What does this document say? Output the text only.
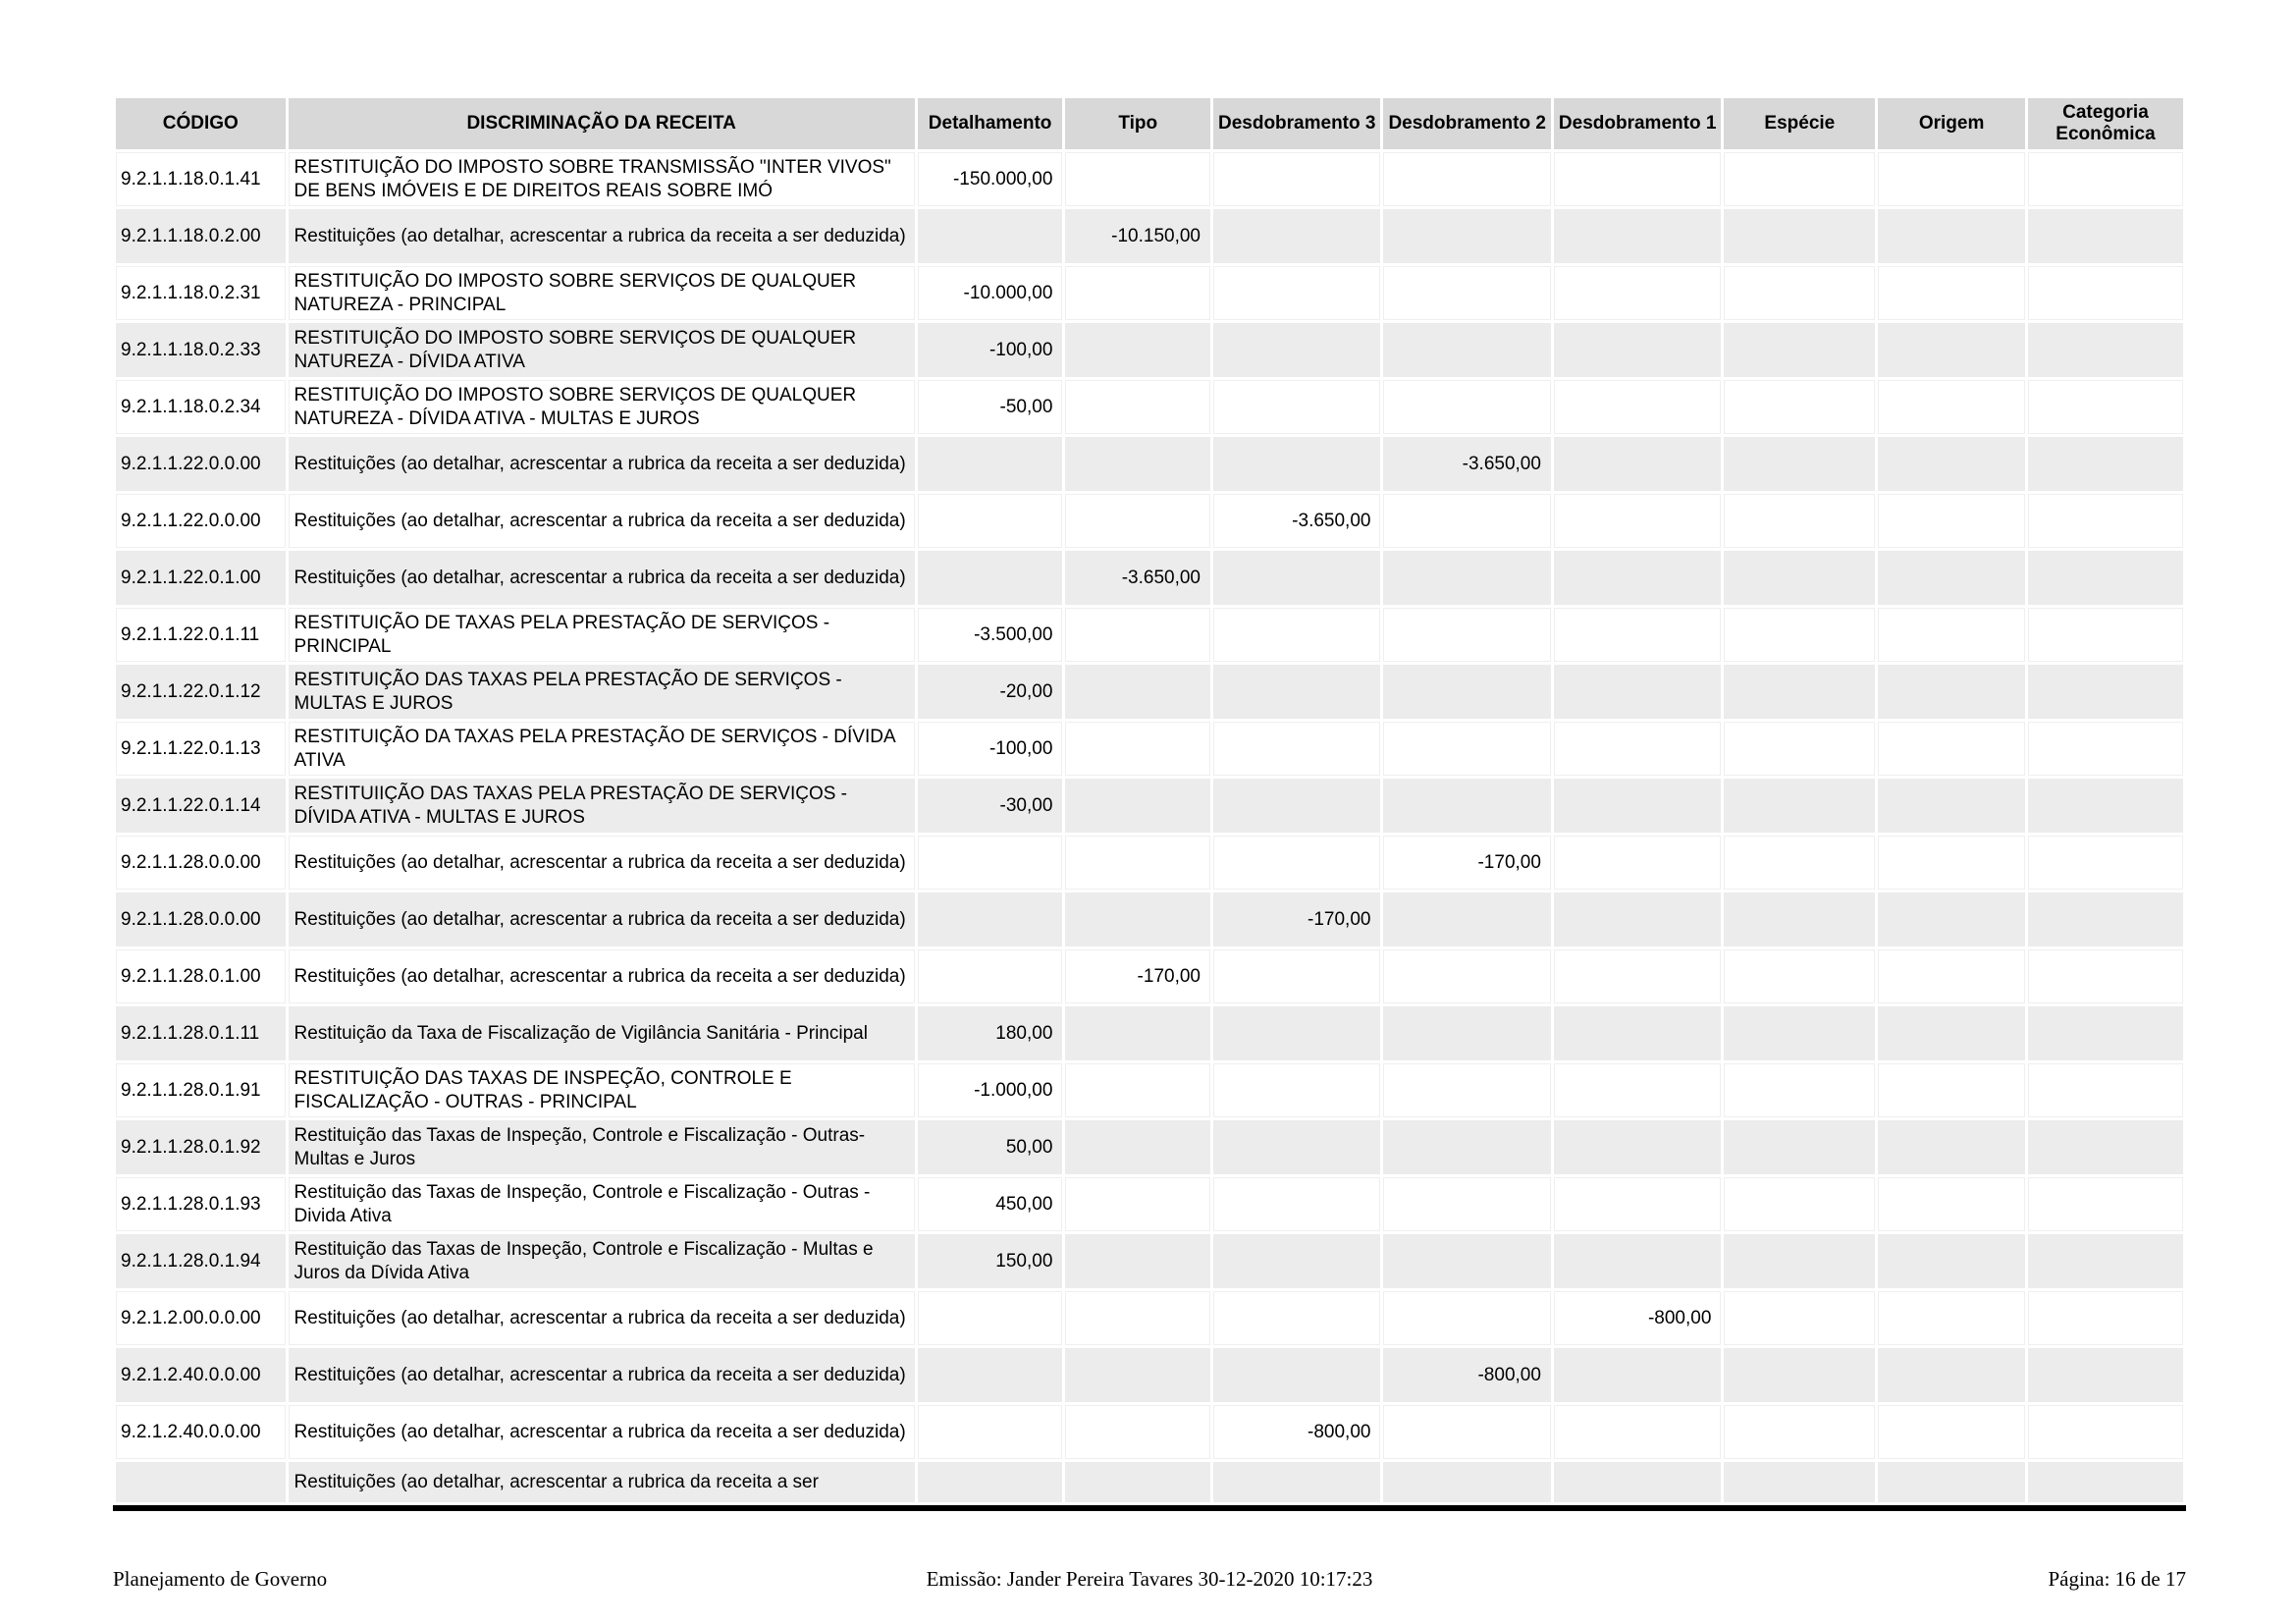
CÓDIGO	DISCRIMINAÇÃO DA RECEITA	Detalhamento	Tipo	Desdobramento 3	Desdobramento 2	Desdobramento 1	Espécie	Origem	Categoria Econômica
9.2.1.1.18.0.1.41	RESTITUIÇÃO DO IMPOSTO SOBRE TRANSMISSÃO "INTER VIVOS" DE BENS IMÓVEIS E DE DIREITOS REAIS SOBRE IMÓ	-150.000,00							
9.2.1.1.18.0.2.00	Restituições (ao detalhar, acrescentar a rubrica da receita a ser deduzida)		-10.150,00						
9.2.1.1.18.0.2.31	RESTITUIÇÃO DO IMPOSTO SOBRE SERVIÇOS DE QUALQUER NATUREZA - PRINCIPAL	-10.000,00							
9.2.1.1.18.0.2.33	RESTITUIÇÃO DO IMPOSTO SOBRE SERVIÇOS DE QUALQUER NATUREZA - DÍVIDA ATIVA	-100,00							
9.2.1.1.18.0.2.34	RESTITUIÇÃO DO IMPOSTO SOBRE SERVIÇOS DE QUALQUER NATUREZA - DÍVIDA ATIVA - MULTAS E JUROS	-50,00							
9.2.1.1.22.0.0.00	Restituições (ao detalhar, acrescentar a rubrica da receita a ser deduzida)				-3.650,00				
9.2.1.1.22.0.0.00	Restituições (ao detalhar, acrescentar a rubrica da receita a ser deduzida)			-3.650,00					
9.2.1.1.22.0.1.00	Restituições (ao detalhar, acrescentar a rubrica da receita a ser deduzida)		-3.650,00						
9.2.1.1.22.0.1.11	RESTITUIÇÃO DE TAXAS PELA PRESTAÇÃO DE SERVIÇOS - PRINCIPAL	-3.500,00							
9.2.1.1.22.0.1.12	RESTITUIÇÃO DAS TAXAS PELA PRESTAÇÃO DE SERVIÇOS - MULTAS E JUROS	-20,00							
9.2.1.1.22.0.1.13	RESTITUIÇÃO DA TAXAS PELA PRESTAÇÃO DE SERVIÇOS - DÍVIDA ATIVA	-100,00							
9.2.1.1.22.0.1.14	RESTITUIIÇÃO DAS TAXAS PELA PRESTAÇÃO DE SERVIÇOS - DÍVIDA ATIVA - MULTAS E JUROS	-30,00							
9.2.1.1.28.0.0.00	Restituições (ao detalhar, acrescentar a rubrica da receita a ser deduzida)				-170,00				
9.2.1.1.28.0.0.00	Restituições (ao detalhar, acrescentar a rubrica da receita a ser deduzida)			-170,00					
9.2.1.1.28.0.1.00	Restituições (ao detalhar, acrescentar a rubrica da receita a ser deduzida)		-170,00						
9.2.1.1.28.0.1.11	Restituição da Taxa de Fiscalização de Vigilância Sanitária - Principal	180,00							
9.2.1.1.28.0.1.91	RESTITUIÇÃO DAS TAXAS DE INSPEÇÃO, CONTROLE E FISCALIZAÇÃO - OUTRAS - PRINCIPAL	-1.000,00							
9.2.1.1.28.0.1.92	Restituição das Taxas de Inspeção, Controle e Fiscalização - Outras- Multas e Juros	50,00							
9.2.1.1.28.0.1.93	Restituição das Taxas de Inspeção, Controle e Fiscalização - Outras - Divida Ativa	450,00							
9.2.1.1.28.0.1.94	Restituição das Taxas de Inspeção, Controle e Fiscalização - Multas e Juros da Dívida Ativa	150,00							
9.2.1.2.00.0.0.00	Restituições (ao detalhar, acrescentar a rubrica da receita a ser deduzida)					-800,00			
9.2.1.2.40.0.0.00	Restituições (ao detalhar, acrescentar a rubrica da receita a ser deduzida)				-800,00				
9.2.1.2.40.0.0.00	Restituições (ao detalhar, acrescentar a rubrica da receita a ser deduzida)			-800,00					
	Restituições (ao detalhar, acrescentar a rubrica da receita a ser								
Planejamento de Governo	Emissão: Jander Pereira Tavares 30-12-2020 10:17:23	Página: 16 de 17
